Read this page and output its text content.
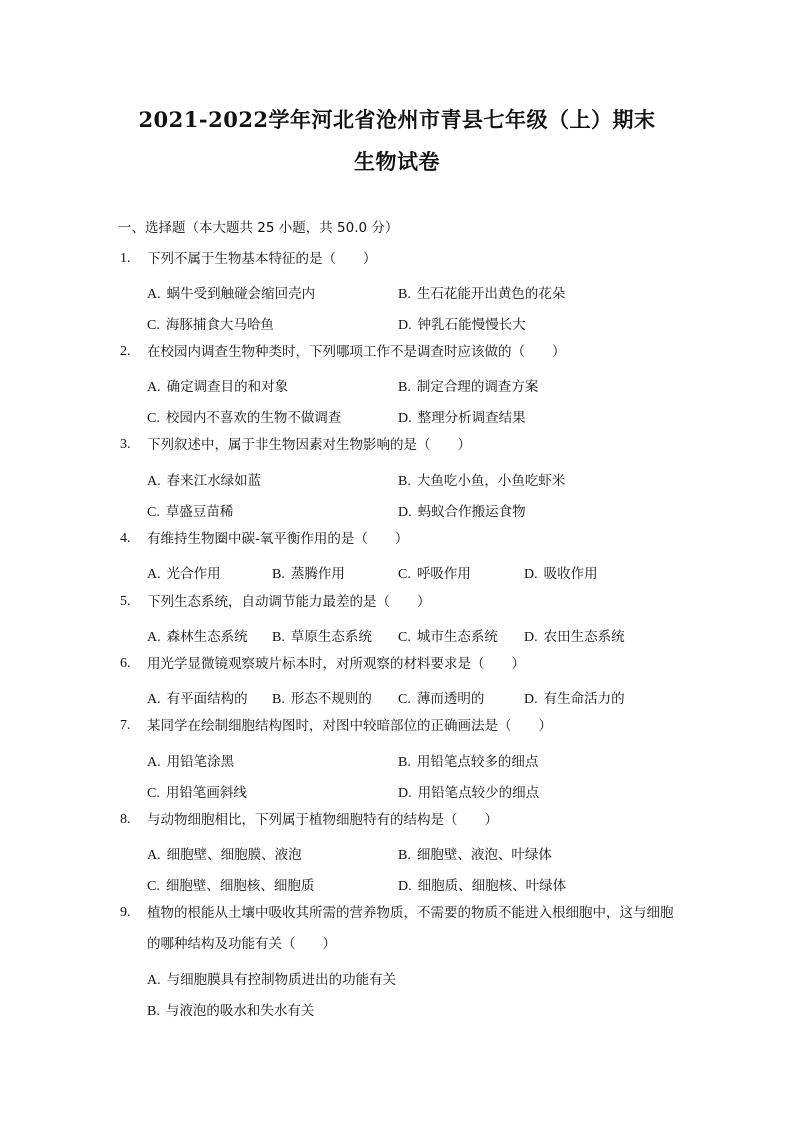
2021-2022学年河北省沧州市青县七年级（上）期末
生物试卷
一、选择题（本大题共 25 小题，共 50.0 分）
1. 下列不属于生物基本特征的是（　　）
A. 蜗牛受到触碰会缩回壳内	B. 生石花能开出黄色的花朵
C. 海豚捕食大马哈鱼	D. 钟乳石能慢慢长大
2. 在校园内调查生物种类时，下列哪项工作不是调查时应该做的（　　）
A. 确定调查目的和对象	B. 制定合理的调查方案
C. 校园内不喜欢的生物不做调查	D. 整理分析调查结果
3. 下列叙述中，属于非生物因素对生物影响的是（　　）
A. 春来江水绿如蓝	B. 大鱼吃小鱼，小鱼吃虾米
C. 草盛豆苗稀	D. 蚂蚁合作搬运食物
4. 有维持生物圈中碳-氧平衡作用的是（　　）
A. 光合作用	B. 蒸腾作用	C. 呼吸作用	D. 吸收作用
5. 下列生态系统，自动调节能力最差的是（　　）
A. 森林生态系统 B. 草原生态系统 C. 城市生态系统 D. 农田生态系统
6. 用光学显微镜观察玻片标本时，对所观察的材料要求是（　　）
A. 有平面结构的 B. 形态不规则的 C. 薄而透明的	D. 有生命活力的
7. 某同学在绘制细胞结构图时，对图中较暗部位的正确画法是（　　）
A. 用铅笔涂黑	B. 用铅笔点较多的细点
C. 用铅笔画斜线	D. 用铅笔点较少的细点
8. 与动物细胞相比，下列属于植物细胞特有的结构是（　　）
A. 细胞壁、细胞膜、液泡	B. 细胞壁、液泡、叶绿体
C. 细胞壁、细胞核、细胞质	D. 细胞质、细胞核、叶绿体
9. 植物的根能从土壤中吸收其所需的营养物质，不需要的物质不能进入根细胞中，这与细胞的哪种结构及功能有关（　　）
A. 与细胞膜具有控制物质进出的功能有关
B. 与液泡的吸水和失水有关
